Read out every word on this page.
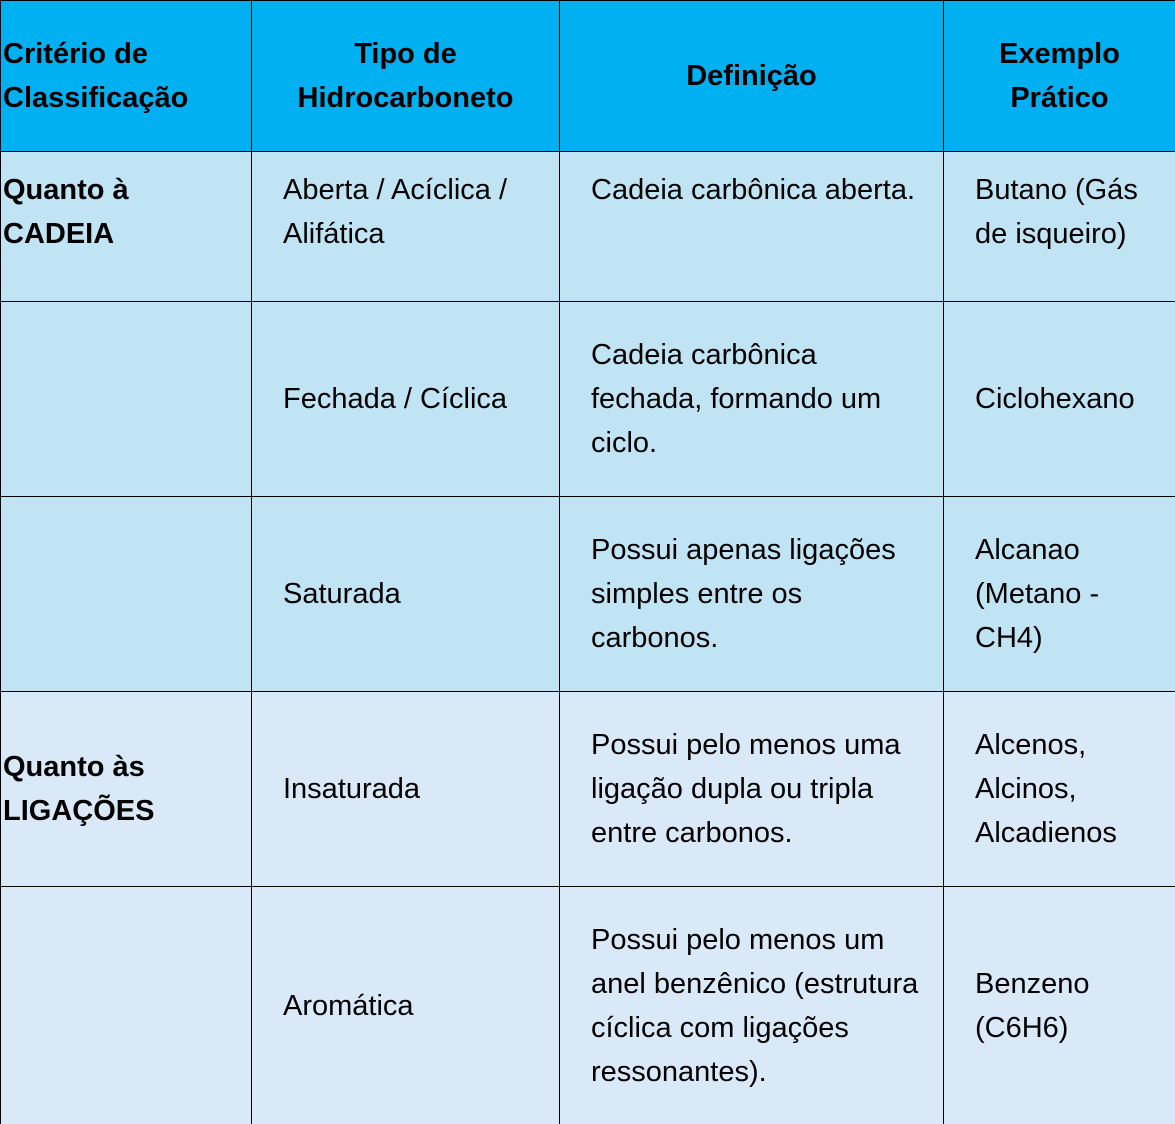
Critério de Classificação	Tipo de Hidrocarboneto	Definição	Exemplo Prático
Quanto à CADEIA	Aberta / Acíclica / Alifática	Cadeia carbônica aberta.	Butano (Gás de isqueiro)
	Fechada / Cíclica	Cadeia carbônica fechada, formando um ciclo.	Ciclohexano
	Saturada	Possui apenas ligações simples entre os carbonos.	Alcanao (Metano - CH4)
Quanto às LIGAÇÕES	Insaturada	Possui pelo menos uma ligação dupla ou tripla entre carbonos.	Alcenos, Alcinos, Alcadienos
	Aromática	Possui pelo menos um anel benzênico (estrutura cíclica com ligações ressonantes).	Benzeno (C6H6)
